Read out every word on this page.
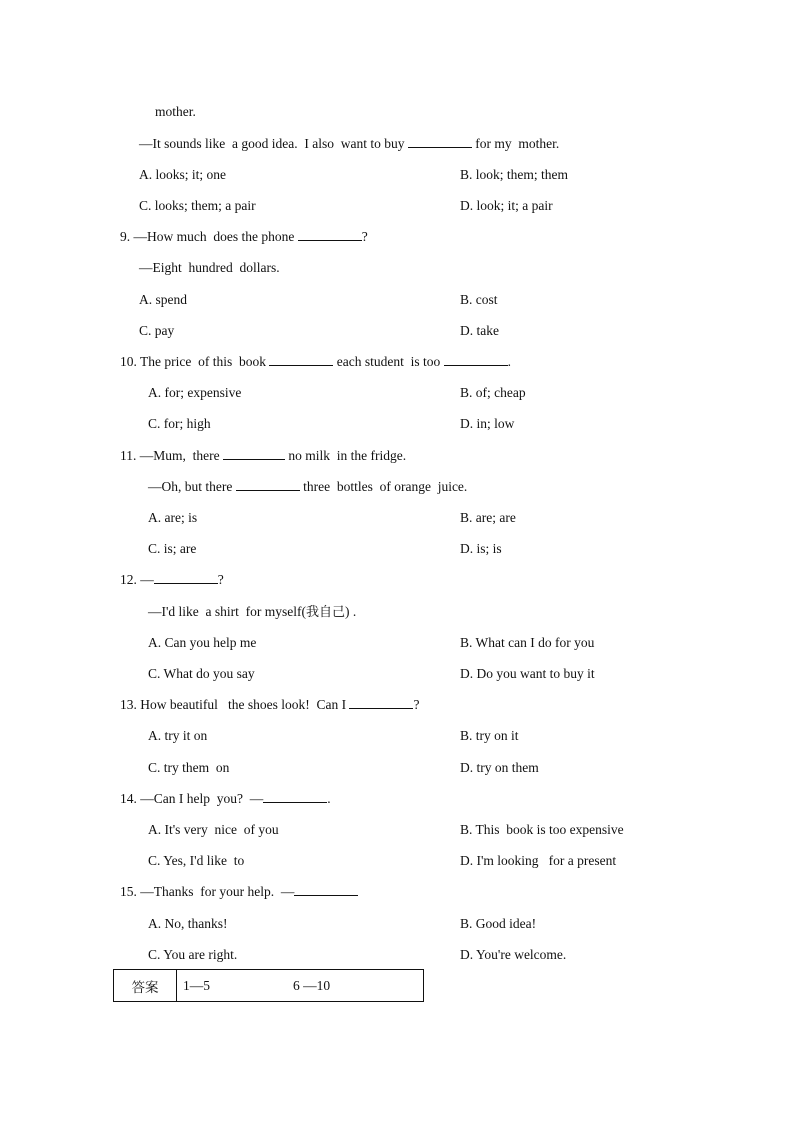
mother.
—It sounds like  a good idea.  I also  want to buy	for my  mother.
A. looks; it; one	B. look; them; them
C. looks; them; a pair	D. look; it; a pair
9. —How much  does the phone	?
—Eight  hundred  dollars.
A. spend	B. cost
C. pay	D. take
10. The price  of this  book	each student  is too	.
A. for; expensive	B. of; cheap
C. for; high	D. in; low
11. —Mum,  there	no milk  in the fridge.
—Oh, but there	three  bottles  of orange  juice.
A. are; is	B. are; are
C. is; are	D. is; is
12. —	?
—I'd like  a shirt  for myself(我自己) .
A. Can you help me	B. What can I do for you
C. What do you say	D. Do you want to buy it
13. How beautiful   the shoes look!  Can I	?
A. try it on	B. try on it
C. try them  on	D. try on them
14. —Can I help  you?  —	.
A. It's very  nice  of you	B. This  book is too expensive
C. Yes, I'd like  to	D. I'm looking   for a present
15. —Thanks  for your help.  —
A. No, thanks!	B. Good idea!
C. You are right.	D. You're welcome.
答案	1—5	6 —10
